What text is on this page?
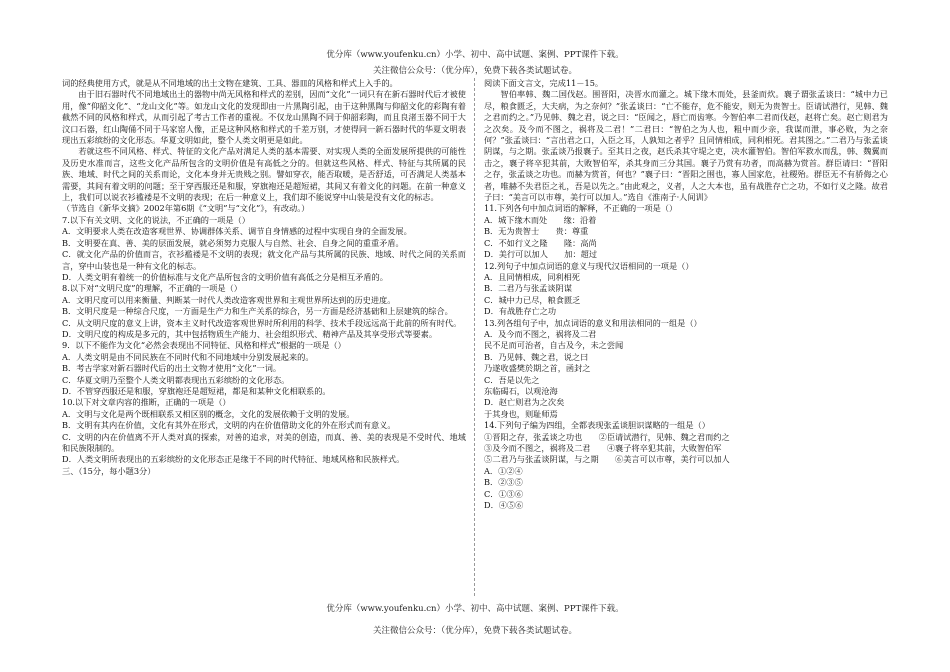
优分库（www.youfenku.cn）小学、初中、高中试题、案例、PPT课件下载。
关注微信公众号：（优分库），免费下载各类试题试卷。

词的经典使用方式，就是从不同地域的出土文物在建筑、工具、器皿的风格和样式上入手的。

由于旧石器时代不同地域出土的器物中尚无风格和样式的差别，因而“文化”一词只有在新石器时代后才被使用，像“仰韶文化”、“龙山文化”等。如龙山文化的发现即由一片黑陶引起，由于这种黑陶与仰韶文化的彩陶有着截然不同的风格和样式，从而引起了考古工作者的重视。不仅龙山黑陶不同于仰韶彩陶，而且良渚玉器不同于大汶口石器，红山陶俑不同于马家窑人像，正是这种风格和样式的千差万别，才使得同一新石器时代的华夏文明表现出五彩缤纷的文化形态。华夏文明如此，整个人类文明更是如此。

若就这些不同风格、样式、特征的文化产品对满足人类的基本需要、对实现人类的全面发展所提供的可能性及历史水准而言，这些文化产品所包含的文明价值是有高低之分的。但就这些风格、样式、特征与其所属的民族、地域、时代之间的关系而论，文化本身并无贵贱之别。譬如穿衣，能否取暖，是否舒适，可否满足人类基本需要，其间有着文明的问题；至于穿西服还是和服，穿旗袍还是超短裙，其间又有着文化的问题。在前一种意义上，我们可以说衣衫褴褛是不文明的表现；在后一种意义上，我们却不能说穿中山装是没有文化的标志。

（节选自《新华文摘》2002年第6期《“文明”与“文化”》，有改动。）

7.以下有关文明、文化的说法，不正确的一项是（）

A．文明要求人类在改造客观世界、协调群体关系、调节自身情感的过程中实现自身的全面发展。

B．文明要在真、善、美的层面发展，就必须努力克服人与自然、社会、自身之间的重重矛盾。

C．就文化产品的价值而言，衣衫褴褛是不文明的表现；就文化产品与其所属的民族、地域、时代之间的关系而言，穿中山装也是一种有文化的标志。

D．人类文明有着统一的价值标准与文化产品所包含的文明价值有高低之分是相互矛盾的。

8.以下对“文明尺度”的理解，不正确的一项是（）

A．文明尺度可以用来衡量、判断某一时代人类改造客观世界和主观世界所达到的历史进度。

B．文明尺度是一种综合尺度，一方面是生产力和生产关系的综合，另一方面是经济基础和上层建筑的综合。

C．从文明尺度的意义上讲，资本主义时代改造客观世界时所利用的科学、技术手段远远高于此前的所有时代。

D．文明尺度的构成是多元的，其中包括物质生产能力、社会组织形式、精神产品及其享受形式等要素。

9．以下不能作为文化“必然会表现出不同特征、风格和样式”根据的一项是（）

A．人类文明是由不同民族在不同时代和不同地域中分别发展起来的。

B．考古学家对新石器时代后的出土文物才使用“文化”一词。

C．华夏文明乃至整个人类文明都表现出五彩缤纷的文化形态。

D．不管穿西服还是和服，穿旗袍还是超短裙，都是和某种文化相联系的。

10.以下对文章内容的推断，正确的一项是（）

A．文明与文化是两个既相联系又相区别的概念，文化的发展依赖于文明的发展。

B．文明有其内在价值，文化有其外在形式，文明的内在价值借助文化的外在形式而有意义。

C．文明的内在价值离不开人类对真的探索，对善的追求，对美的创造，而真、善、美的表现是不受时代、地域和民族限制的。

D．人类文明所表现出的五彩缤纷的文化形态正是缘于不同的时代特征、地域风格和民族样式。

三、（15分，每小题3分）

阅读下面文言文，完成11－15。

智伯率韩、魏二国伐赵。围晋阳，决晋水而灌之。城下缘木而处，县釜而炊。襄子谓张孟谈曰：“城中力已尽，粮食匮乏，大夫病，为之奈何？”张孟谈曰：“亡不能存，危不能安，则无为贵智士。臣请试潜行，见韩、魏之君而约之。”乃见韩、魏之君，说之曰：“臣闻之，唇亡而齿寒。今智伯率二君而伐赵，赵将亡矣。赵亡则君为之次矣。及今而不图之，祸将及二君！”二君曰：“智伯之为人也，粗中而少亲，我谋而泄，事必败，为之奈何？”张孟谈曰：“言出君之口，入臣之耳，人孰知之者乎？且同情相成，同利相死。君其图之。”二君乃与张孟谈阴谋，与之期。张孟谈乃报襄子。至其日之夜，赵氏杀其守堤之吏，决水灌智伯。智伯军救水而乱，韩、魏翼而击之，襄子将卒犯其前，大败智伯军，杀其身而三分其国。襄子乃赏有功者，而高赫为赏首。群臣请曰：“晋阳之存，张孟谈之功也。而赫为赏首，何也？”襄子曰：“晋阳之围也，寡人国家危，社稷殆。群臣无不有骄侮之心者，唯赫不失君臣之礼，吾是以先之。”由此观之，义者，人之大本也，虽有战胜存亡之功，不如行义之隆。故君子曰：“美言可以市尊，美行可以加人。”选自《淮南子·人间训》

11.下列各句中加点词语的解释，不正确的一项是（）

A．城下缘木而处　　缘：沿着

B．无为贵智士　　贵：尊重

C．不如行义之隆　　隆：高尚

D．美行可以加人　　加：超过

12.列句子中加点词语的意义与现代汉语相同的一项是（）

A．且同情相成，同利相死

B．二君乃与张孟谈阴谋

C．城中力已尽，粮食匮乏

D．有战胜存亡之功

13.列各组句子中，加点词语的意义和用法相同的一组是（）

A．及今而不图之，祸将及二君

民不足而可治者，自古及今，未之尝闻

B．乃见韩、魏之君，说之曰

乃遂收盛樊於期之首，函封之

C．吾是以先之

东临碣石，以观沧海

D．赵亡则君为之次矣

于其身也，则耻师焉

14.下列句子编为四组，全都表现张孟谈胆识谋略的一组是（）

①晋阳之存，张孟谈之功也　　 ②臣请试潜行，见韩、魏之君而约之

③及今而不图之，祸将及二君　　 ④襄子将卒犯其前，大败智伯军

⑤二君乃与张孟谈阴谋，与之期　　 ⑥美言可以市尊，美行可以加人

A．①②④

B．②③⑤

C．①③⑥

D．④⑤⑥

优分库（www.youfenku.cn）小学、初中、高中试题、案例、PPT课件下载。
关注微信公众号：（优分库），免费下载各类试题试卷。
